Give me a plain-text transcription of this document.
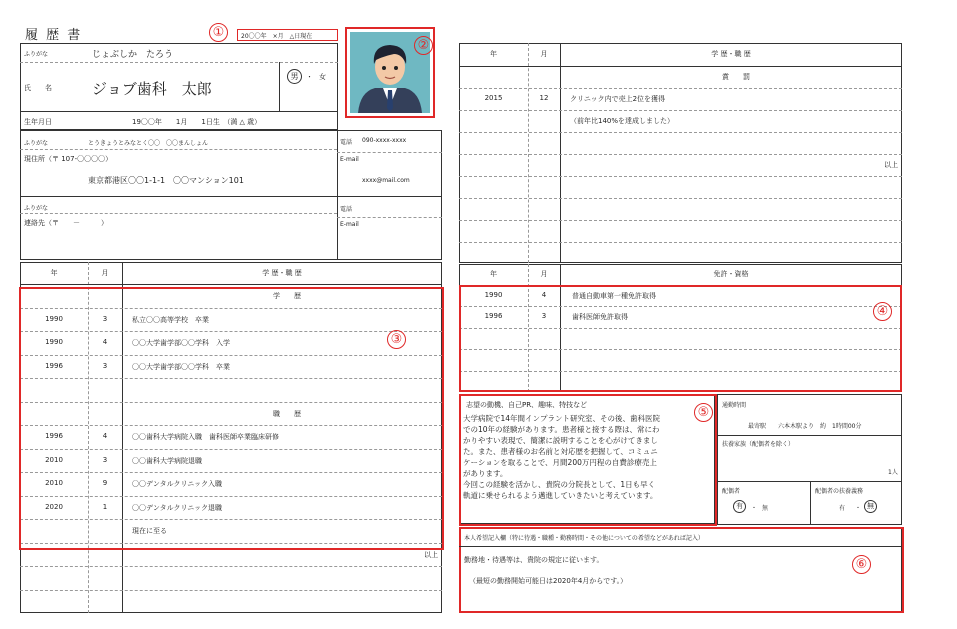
履 歴 書	①	20〇〇年　×月　△日現在
②
ふりがな	じょぶしか　たろう
氏　　名	ジョブ歯科　太郎
男	・ 女
生年月日	19〇〇年　　1月　　1日生　（満 △ 歳）
ふりがな	とうきょうとみなとく〇〇　〇〇まんしょん
現住所（〒 107-〇〇〇〇）
東京都港区〇〇1-1-1　〇〇マンション101
電話 090-xxxx-xxxx
E-mail
xxxx@mail.com
ふりがな
連絡先（〒　　－　　　）
電話
E-mail
年	月	学 歴・職 歴
学　　歴
1990	3	私立〇〇高等学校　卒業
1990	4	〇〇大学歯学部〇〇学科　入学
1996	3	〇〇大学歯学部〇〇学科　卒業
職　　歴
1996	4	〇〇歯科大学病院入職　歯科医師卒業臨床研修
2010	3	〇〇歯科大学病院退職
2010	9	〇〇デンタルクリニック入職
2020	1	〇〇デンタルクリニック退職
現在に至る
以上
③
年	月	学 歴・職 歴
賞　　罰
2015	12	クリニック内で売上2位を獲得
（前年比140%を達成しました）
以上
年	月	免許・資格
1990	4	普通自動車第一種免許取得
1996	3	歯科医師免許取得	④
志望の動機、自己PR、趣味、特技など
大学病院で14年間インプラント研究室、その後、歯科医院
での10年の経験があります。患者様と接する際は、常にわ
かりやすい表現で、簡潔に説明することを心がけてきまし
た。また、患者様のお名前と対応歴を把握して、コミュニ
ケーションを取ることで、月間200万円程の自費診療売上
があります。
今回この経験を活かし、貴院の分院長として、1日も早く
軌道に乗せられるよう邁進していきたいと考えています。
⑤	通勤時間
最寄駅　　六本木駅より　約　1時間00分
扶養家族（配偶者を除く）
1人
配偶者
有	・ 無
配偶者の扶養義務
有 ・ 無
本人希望記入欄（特に待遇・職種・勤務時間・その他についての希望などがあれば記入）
勤務地・待遇等は、貴院の規定に従います。
（最短の勤務開始可能日は2020年4月からです。）
⑥
